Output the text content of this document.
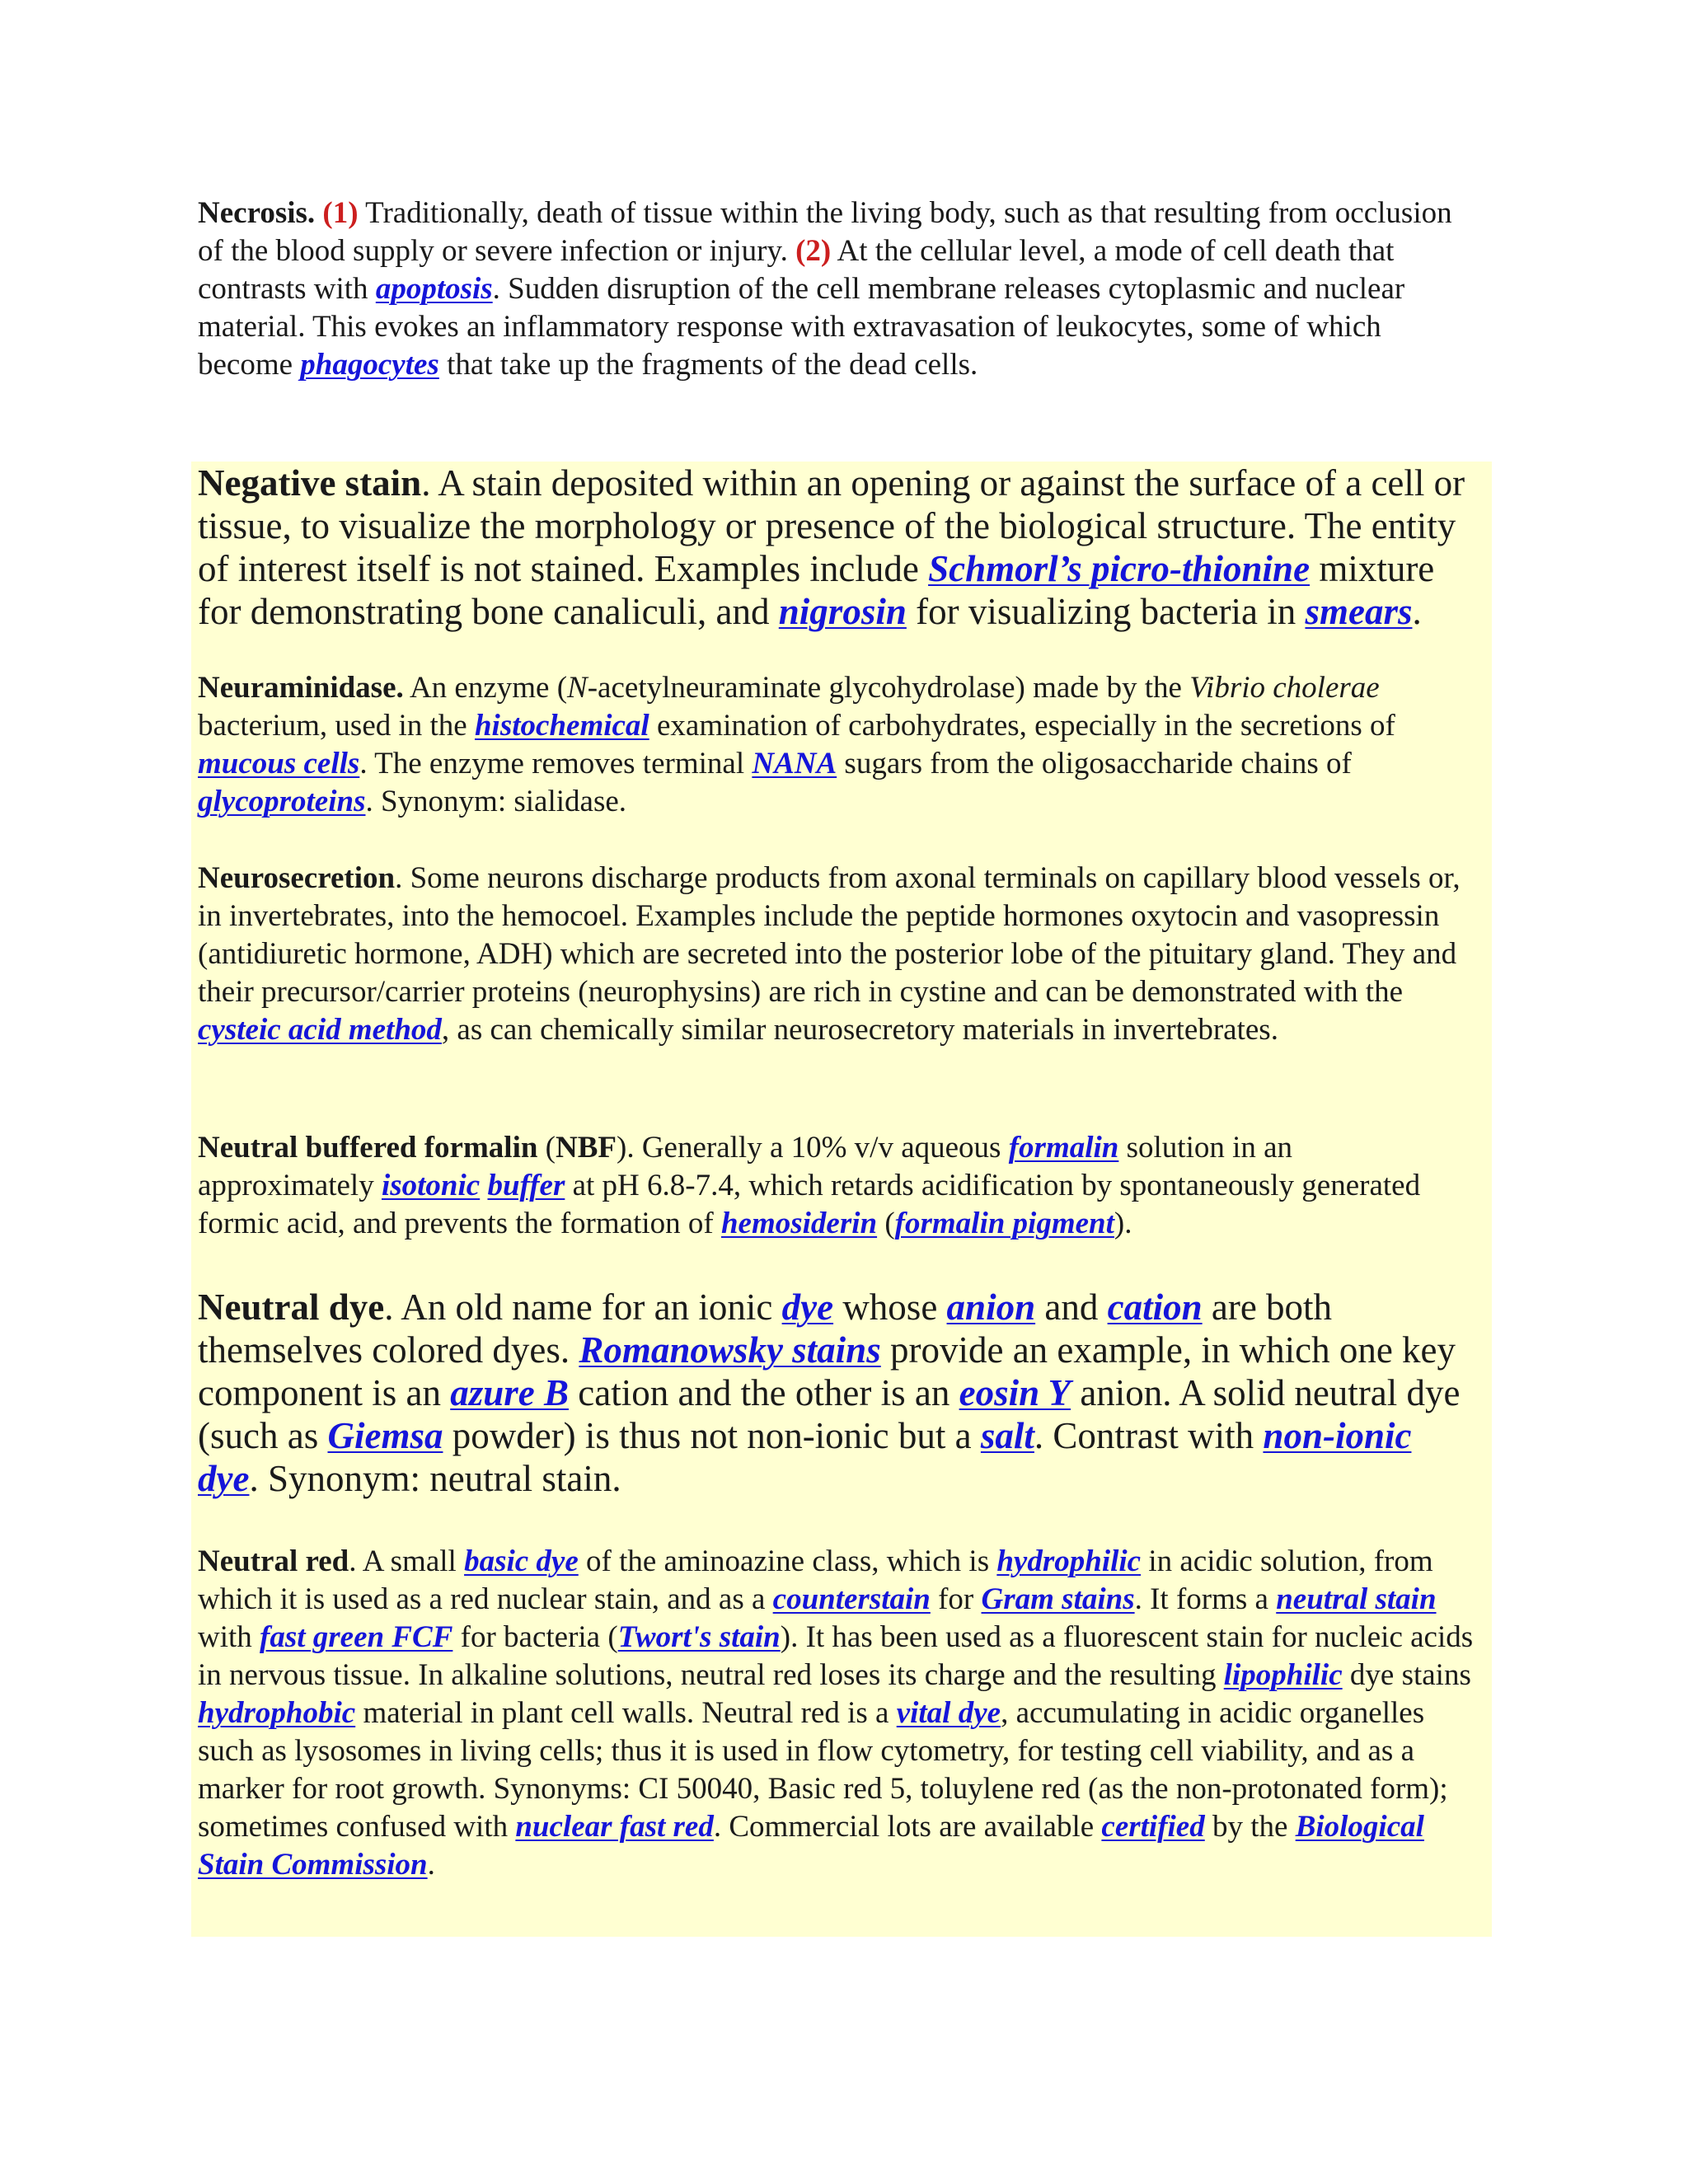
Necrosis. (1) Traditionally, death of tissue within the living body, such as that resulting from occlusion of the blood supply or severe infection or injury. (2) At the cellular level, a mode of cell death that contrasts with apoptosis. Sudden disruption of the cell membrane releases cytoplasmic and nuclear material. This evokes an inflammatory response with extravasation of leukocytes, some of which become phagocytes that take up the fragments of the dead cells.

Negative stain. A stain deposited within an opening or against the surface of a cell or tissue, to visualize the morphology or presence of the biological structure. The entity of interest itself is not stained. Examples include Schmorl’s picro-thionine mixture for demonstrating bone canaliculi, and nigrosin for visualizing bacteria in smears.

Neuraminidase. An enzyme (N-acetylneuraminate glycohydrolase) made by the Vibrio cholerae bacterium, used in the histochemical examination of carbohydrates, especially in the secretions of mucous cells. The enzyme removes terminal NANA sugars from the oligosaccharide chains of glycoproteins. Synonym: sialidase.

Neurosecretion. Some neurons discharge products from axonal terminals on capillary blood vessels or, in invertebrates, into the hemocoel. Examples include the peptide hormones oxytocin and vasopressin (antidiuretic hormone, ADH) which are secreted into the posterior lobe of the pituitary gland. They and their precursor/carrier proteins (neurophysins) are rich in cystine and can be demonstrated with the cysteic acid method, as can chemically similar neurosecretory materials in invertebrates.

Neutral buffered formalin (NBF). Generally a 10% v/v aqueous formalin solution in an approximately isotonic buffer at pH 6.8-7.4, which retards acidification by spontaneously generated formic acid, and prevents the formation of hemosiderin (formalin pigment).

Neutral dye. An old name for an ionic dye whose anion and cation are both themselves colored dyes. Romanowsky stains provide an example, in which one key component is an azure B cation and the other is an eosin Y anion. A solid neutral dye (such as Giemsa powder) is thus not non-ionic but a salt. Contrast with non-ionic dye. Synonym: neutral stain.

Neutral red. A small basic dye of the aminoazine class, which is hydrophilic in acidic solution, from which it is used as a red nuclear stain, and as a counterstain for Gram stains. It forms a neutral stain with fast green FCF for bacteria (Twort's stain). It has been used as a fluorescent stain for nucleic acids in nervous tissue. In alkaline solutions, neutral red loses its charge and the resulting lipophilic dye stains hydrophobic material in plant cell walls. Neutral red is a vital dye, accumulating in acidic organelles such as lysosomes in living cells; thus it is used in flow cytometry, for testing cell viability, and as a marker for root growth. Synonyms: CI 50040, Basic red 5, toluylene red (as the non-protonated form); sometimes confused with nuclear fast red. Commercial lots are available certified by the Biological Stain Commission.
